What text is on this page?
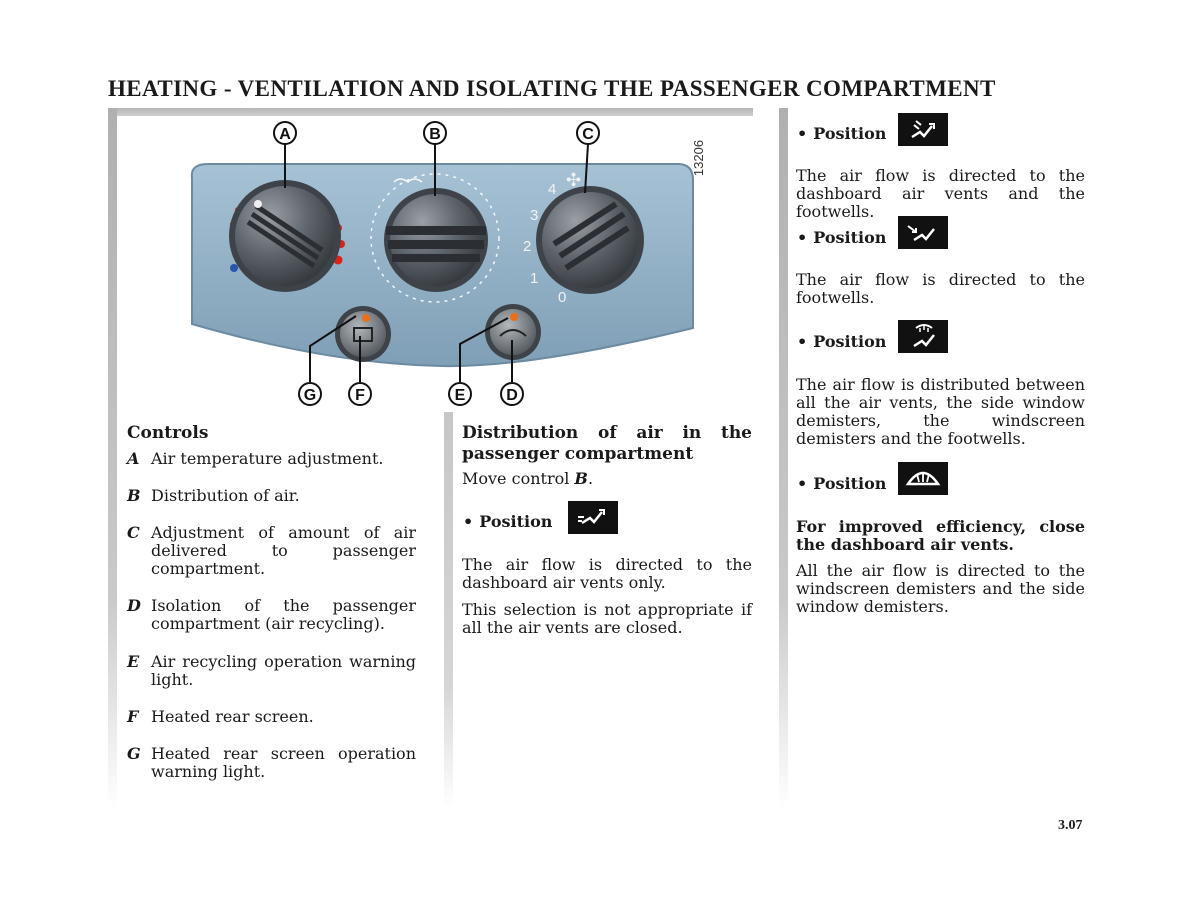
HEATING - VENTILATION AND ISOLATING THE PASSENGER COMPARTMENT
4
3
2
1
0
✣
A	B	C
G F	E	D
13206
Controls
A Air temperature adjustment.
B Distribution of air.
C Adjustment of amount of air delivered to passenger compartment.
D Isolation of the passenger compartment (air recycling).
E Air recycling operation warning light.
F Heated rear screen.
G Heated rear screen operation warning light.
Distribution of air in the passenger compartment
Move control B.
• Position
The air flow is directed to the dashboard air vents only.
This selection is not appropriate if all the air vents are closed.
• Position
The air flow is directed to the dashboard air vents and the footwells.
• Position
The air flow is directed to the footwells.
• Position
The air flow is distributed between all the air vents, the side window demisters, the windscreen demisters and the footwells.
• Position
For improved efficiency, close the dashboard air vents.
All the air flow is directed to the windscreen demisters and the side window demisters.
3.07
